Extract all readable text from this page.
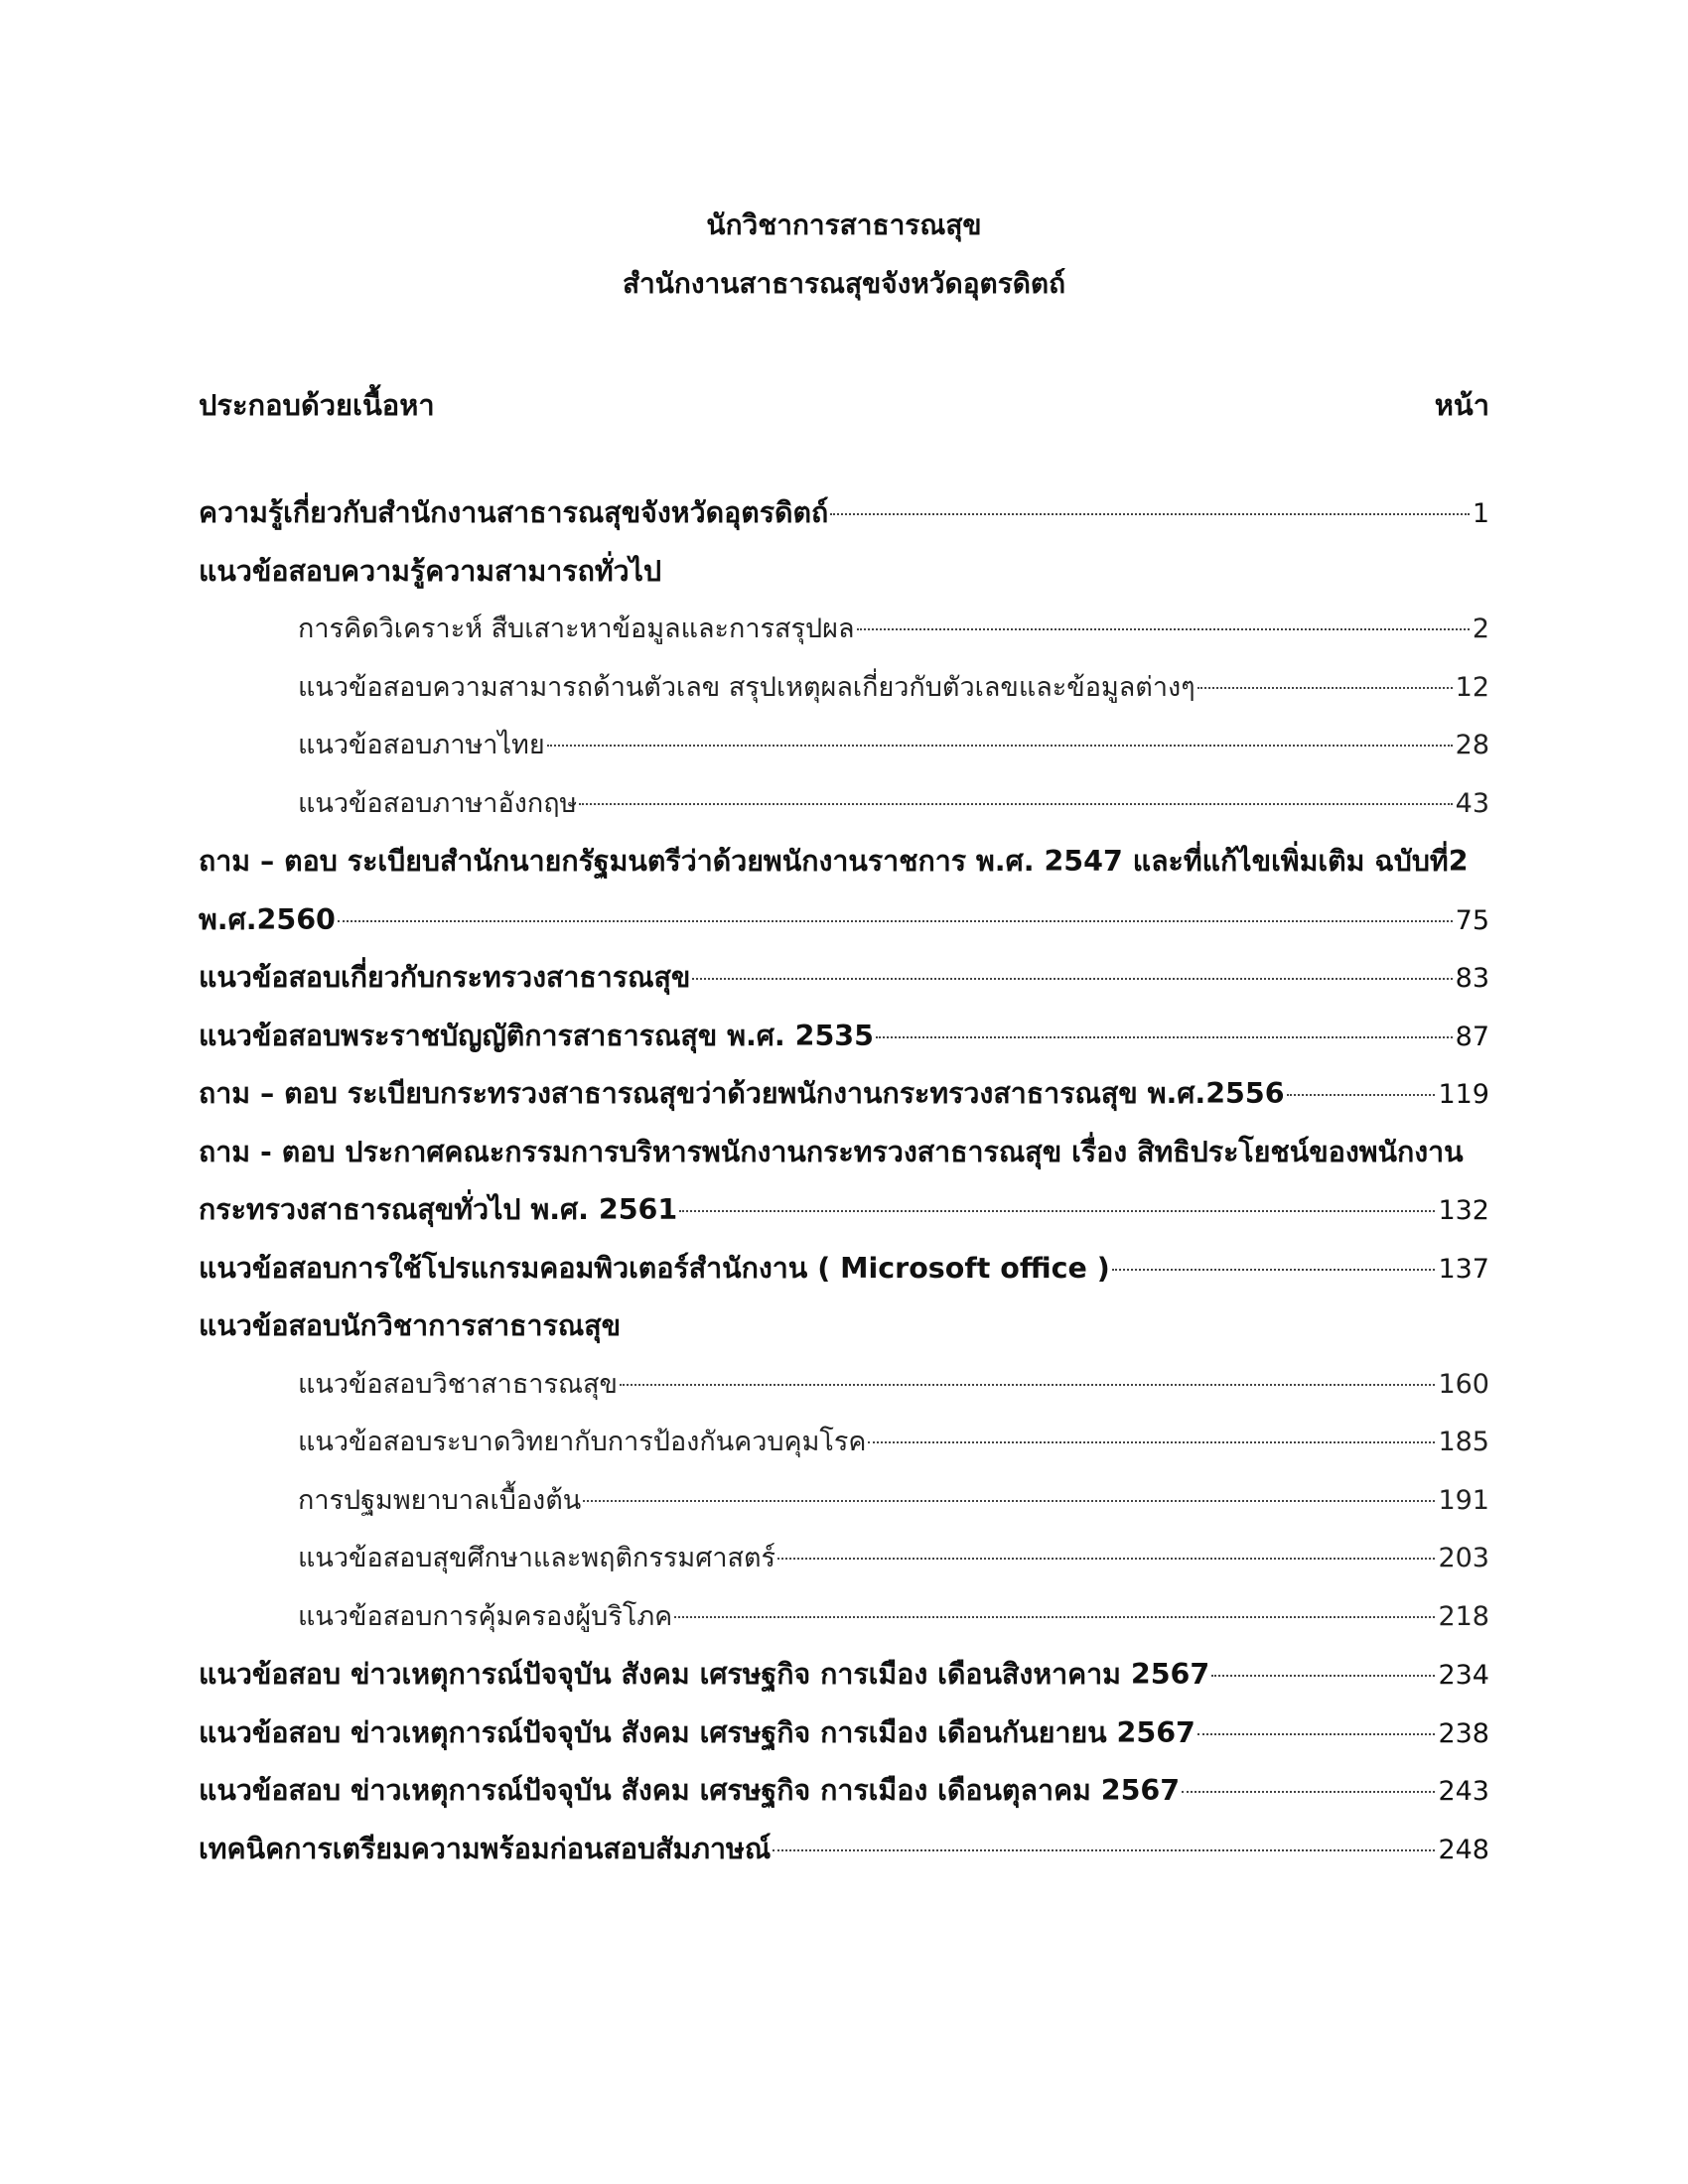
นักวิชาการสาธารณสุข
สำนักงานสาธารณสุขจังหวัดอุตรดิตถ์
ประกอบด้วยเนื้อหา	หน้า
ความรู้เกี่ยวกับสำนักงานสาธารณสุขจังหวัดอุตรดิตถ์	1
แนวข้อสอบความรู้ความสามารถทั่วไป
การคิดวิเคราะห์ สืบเสาะหาข้อมูลและการสรุปผล	2
แนวข้อสอบความสามารถด้านตัวเลข สรุปเหตุผลเกี่ยวกับตัวเลขและข้อมูลต่างๆ	12
แนวข้อสอบภาษาไทย	28
แนวข้อสอบภาษาอังกฤษ	43
ถาม – ตอบ ระเบียบสำนักนายกรัฐมนตรีว่าด้วยพนักงานราชการ พ.ศ. 2547 และที่แก้ไขเพิ่มเติม ฉบับที่2
พ.ศ.2560	75
แนวข้อสอบเกี่ยวกับกระทรวงสาธารณสุข	83
แนวข้อสอบพระราชบัญญัติการสาธารณสุข พ.ศ. 2535	87
ถาม – ตอบ ระเบียบกระทรวงสาธารณสุขว่าด้วยพนักงานกระทรวงสาธารณสุข พ.ศ.2556	119
ถาม - ตอบ ประกาศคณะกรรมการบริหารพนักงานกระทรวงสาธารณสุข เรื่อง สิทธิประโยชน์ของพนักงาน
กระทรวงสาธารณสุขทั่วไป พ.ศ. 2561	132
แนวข้อสอบการใช้โปรแกรมคอมพิวเตอร์สำนักงาน ( Microsoft office )	137
แนวข้อสอบนักวิชาการสาธารณสุข
แนวข้อสอบวิชาสาธารณสุข	160
แนวข้อสอบระบาดวิทยากับการป้องกันควบคุมโรค	185
การปฐมพยาบาลเบื้องต้น	191
แนวข้อสอบสุขศึกษาและพฤติกรรมศาสตร์	203
แนวข้อสอบการคุ้มครองผู้บริโภค	218
แนวข้อสอบ ข่าวเหตุการณ์ปัจจุบัน สังคม เศรษฐกิจ การเมือง เดือนสิงหาคาม 2567	234
แนวข้อสอบ ข่าวเหตุการณ์ปัจจุบัน สังคม เศรษฐกิจ การเมือง เดือนกันยายน 2567	238
แนวข้อสอบ ข่าวเหตุการณ์ปัจจุบัน สังคม เศรษฐกิจ การเมือง เดือนตุลาคม 2567	243
เทคนิคการเตรียมความพร้อมก่อนสอบสัมภาษณ์	248
